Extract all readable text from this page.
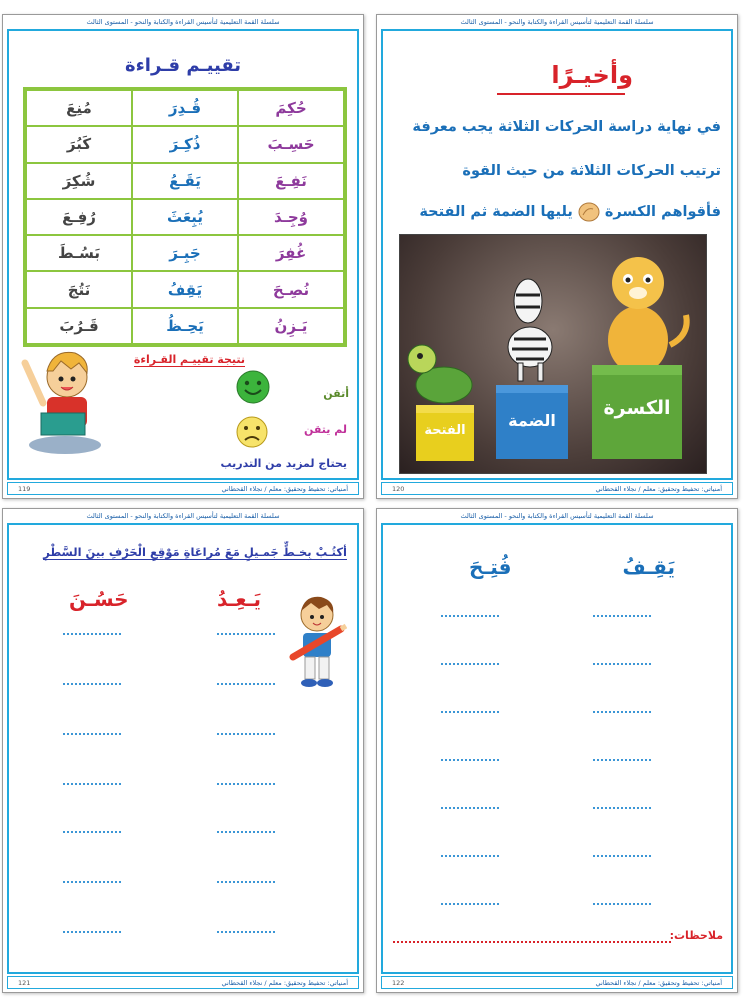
سلسلة القمة التعليمية لتأسيس القراءة والكتابة والنحو - المستوى الثالث
وأخيـرًا
في نهاية دراسة الحركات الثلاثة يجب معرفة
ترتيب الحركات الثلاثة من حيث القوة
فأقواهم الكسرة
يليها الضمة ثم الفتحة
الكسرة
الضمة
الفتحة
120	أمنياتي: تحفيظ وتحقيق: معلم / نجلاء القحطاني
سلسلة القمة التعليمية لتأسيس القراءة والكتابة والنحو - المستوى الثالث
تقييـم قـراءة
مُنِعَ	قُـدِرَ	حُكِمَ
كَبُرَ	ذُكِـرَ	حَسِـبَ
شُكِرَ	يَقَـعُ	نَفِـعَ
رُفِـعَ	يُبِعَثَ	وُجِـدَ
بَسُـطَ	جَبِـرَ	غُفِرَ
نَتُجَ	يَقِفُ	نُصِـحَ
قَـرُبَ	يَحِـظُ	يَـزِنُ
نتيجة تقييـم القـراءة
أتقن
لم يتقن
يحتاج لمزيد من التدريب
119	أمنياتي: تحفيظ وتحقيق: معلم / نجلاء القحطاني
سلسلة القمة التعليمية لتأسيس القراءة والكتابة والنحو - المستوى الثالث
يَقِـفُ
فُتِـحَ
ملاحظات:
122	أمنياتي: تحفيظ وتحقيق: معلم / نجلاء القحطاني
سلسلة القمة التعليمية لتأسيس القراءة والكتابة والنحو - المستوى الثالث
أكتُـبْ بِخـطٍّ جَمـيلٍ مَعَ مُراعَاةِ مَوْقِعِ الْحَرْفِ بينَ السَّطْرِ
يَـعِـدُ
حَسُـنَ
121	أمنياتي: تحفيظ وتحقيق: معلم / نجلاء القحطاني
